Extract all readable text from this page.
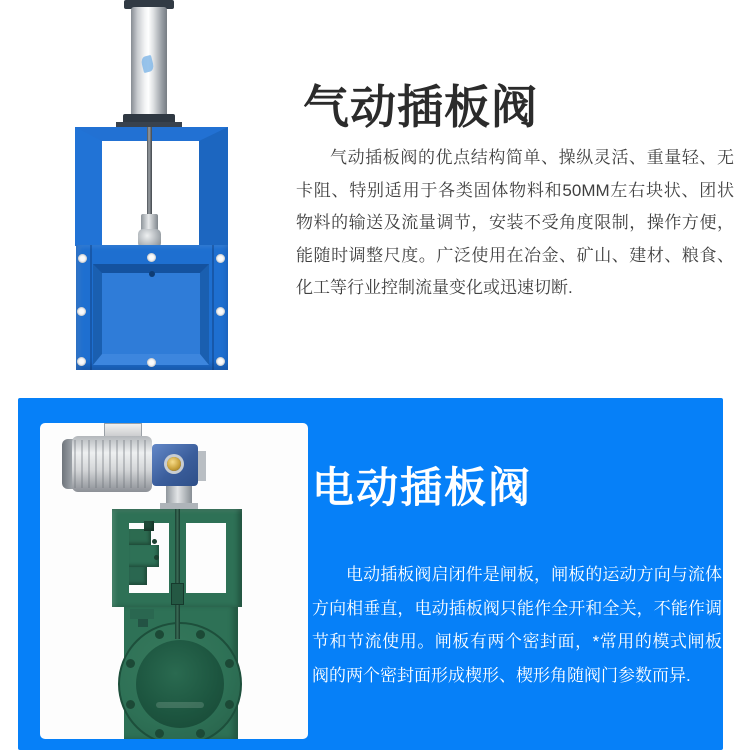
气动插板阀

气动插板阀的优点结构简单、操纵灵活、重量轻、无卡阻、特别适用于各类固体物料和50MM左右块状、团状物料的输送及流量调节，安装不受角度限制，操作方便，能随时调整尺度。广泛使用在冶金、矿山、建材、粮食、化工等行业控制流量变化或迅速切断.

电动插板阀

电动插板阀启闭件是闸板，闸板的运动方向与流体方向相垂直，电动插板阀只能作全开和全关，不能作调节和节流使用。闸板有两个密封面，*常用的模式闸板阀的两个密封面形成楔形、楔形角随阀门参数而异.
